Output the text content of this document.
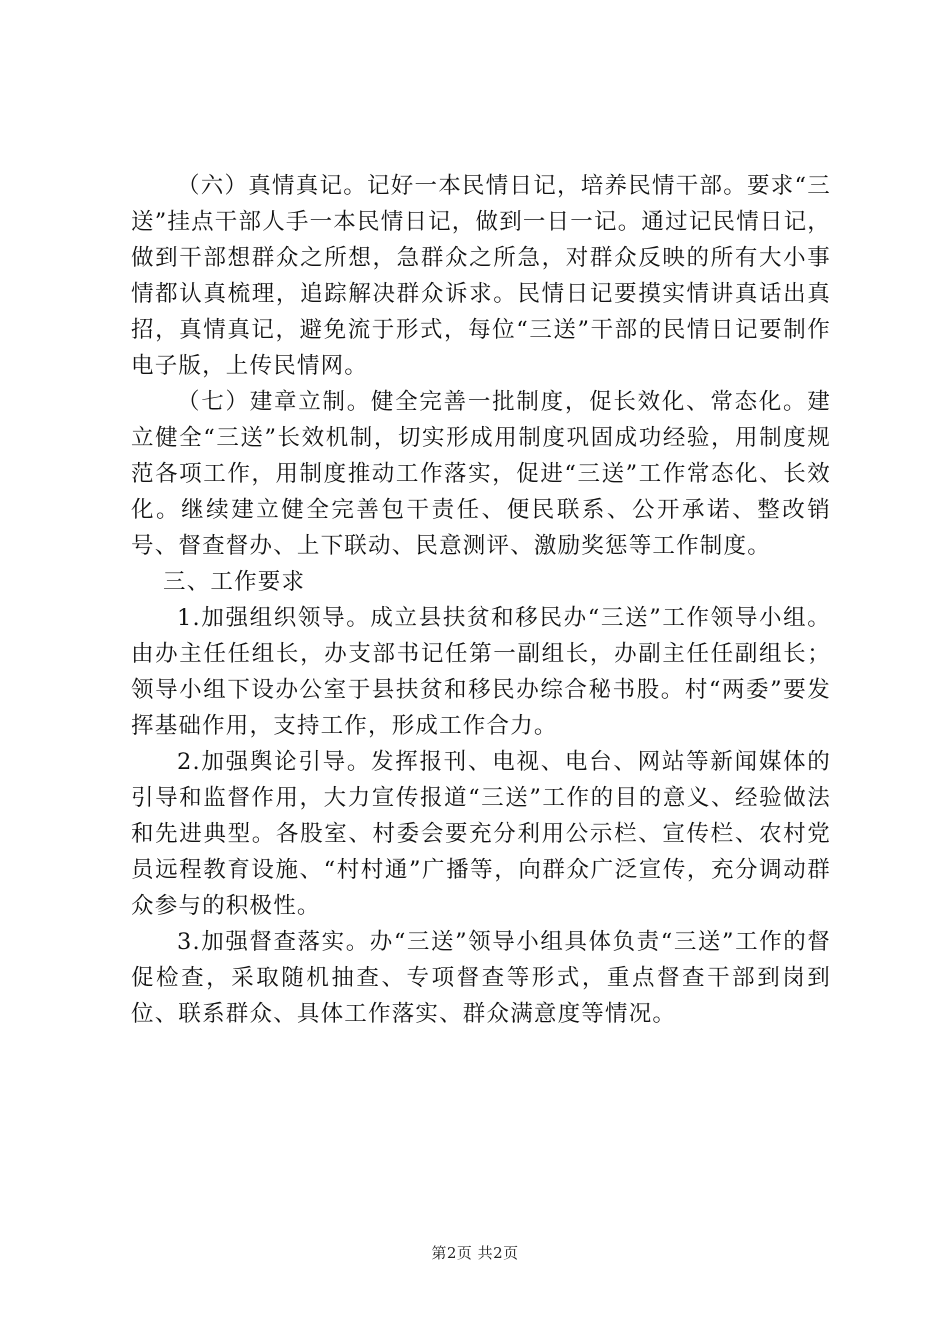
（六）真情真记。记好一本民情日记，培养民情干部。要求“三送”挂点干部人手一本民情日记，做到一日一记。通过记民情日记，做到干部想群众之所想，急群众之所急，对群众反映的所有大小事情都认真梳理，追踪解决群众诉求。民情日记要摸实情讲真话出真招，真情真记，避免流于形式，每位“三送”干部的民情日记要制作电子版，上传民情网。

（七）建章立制。健全完善一批制度，促长效化、常态化。建立健全“三送”长效机制，切实形成用制度巩固成功经验，用制度规范各项工作，用制度推动工作落实，促进“三送”工作常态化、长效化。继续建立健全完善包干责任、便民联系、公开承诺、整改销号、督查督办、上下联动、民意测评、激励奖惩等工作制度。

三、工作要求

1.加强组织领导。成立县扶贫和移民办“三送”工作领导小组。由办主任任组长，办支部书记任第一副组长，办副主任任副组长；领导小组下设办公室于县扶贫和移民办综合秘书股。村“两委”要发挥基础作用，支持工作，形成工作合力。

2.加强舆论引导。发挥报刊、电视、电台、网站等新闻媒体的引导和监督作用，大力宣传报道“三送”工作的目的意义、经验做法和先进典型。各股室、村委会要充分利用公示栏、宣传栏、农村党员远程教育设施、“村村通”广播等，向群众广泛宣传，充分调动群众参与的积极性。

3.加强督查落实。办“三送”领导小组具体负责“三送”工作的督促检查，采取随机抽查、专项督查等形式，重点督查干部到岗到位、联系群众、具体工作落实、群众满意度等情况。

第2页 共2页
